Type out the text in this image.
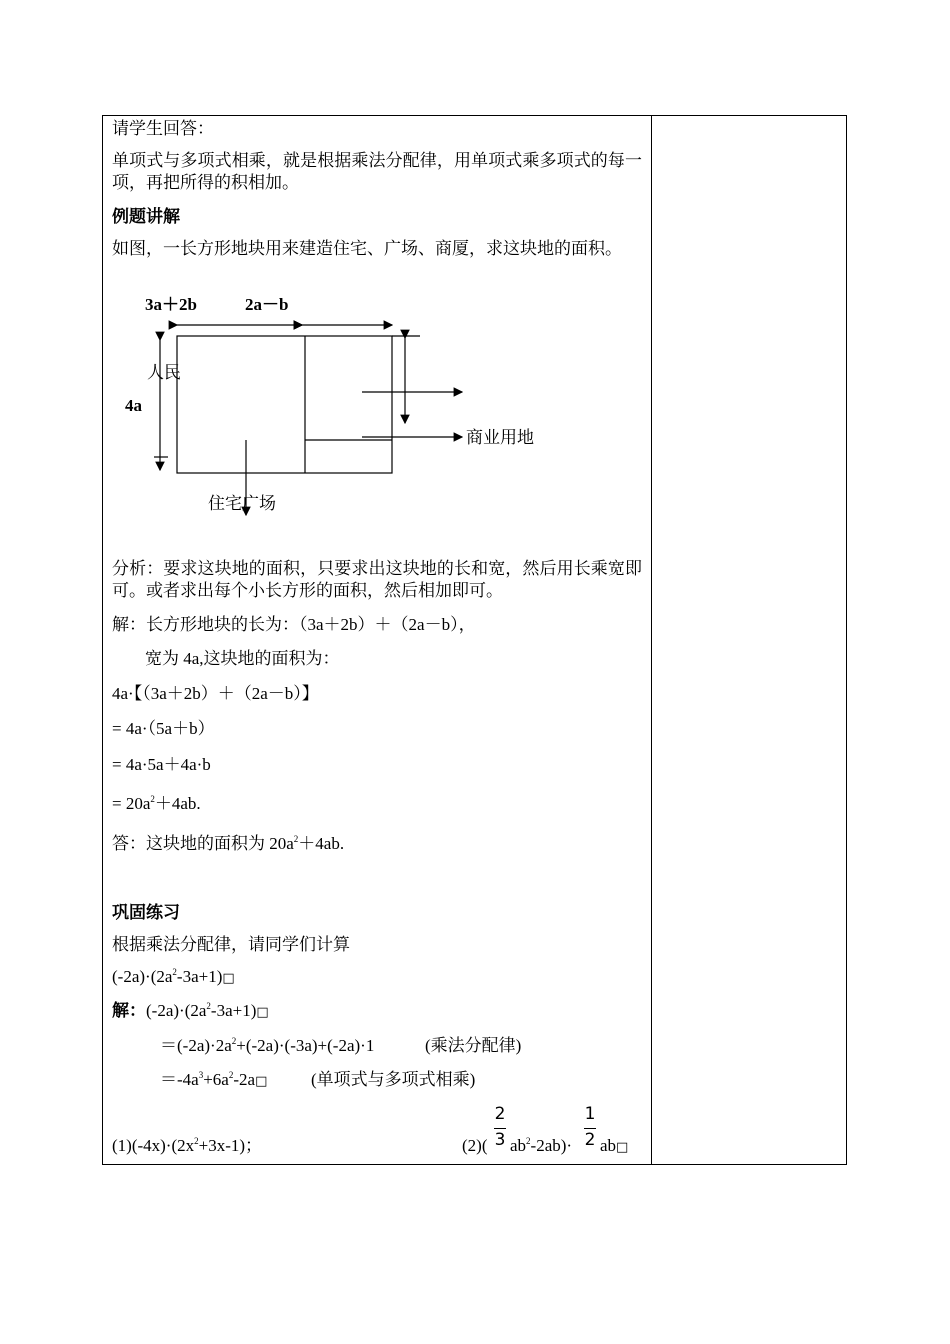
请学生回答：
单项式与多项式相乘，就是根据乘法分配律，用单项式乘多项式的每一项，再把所得的积相加。
例题讲解
如图，一长方形地块用来建造住宅、广场、商厦，求这块地的面积。
3a＋2b	2a－b
人民
4a
商业用地
住宅广场
分析：要求这块地的面积，只要求出这块地的长和宽，然后用长乘宽即可。或者求出每个小长方形的面积，然后相加即可。
解：长方形地块的长为：（3a＋2b）＋（2a－b），
宽为 4a,这块地的面积为：
4a·【（3a＋2b）＋（2a－b）】
= 4a·（5a＋b）
= 4a·5a＋4a·b
= $20a^2+4ab$.
答：这块地的面积为 $20a^2+4ab$.
巩固练习
根据乘法分配律，请同学们计算
$(-2a)\cdot(2a^2-3a+1)□$
解：$(-2a)\cdot(2a^2-3a+1)□$
$=(-2a)\cdot 2a^2+(-2a)\cdot(-3a)+(-2a)\cdot 1$	(乘法分配律)
$=-4a^3+6a^2-2a□$	(单项式与多项式相乘)
$(1)(-4x)\cdot(2x^2+3x-1)$；	(2)(
2
3 $ab^2-2ab)\cdot$
1
2 ab□
